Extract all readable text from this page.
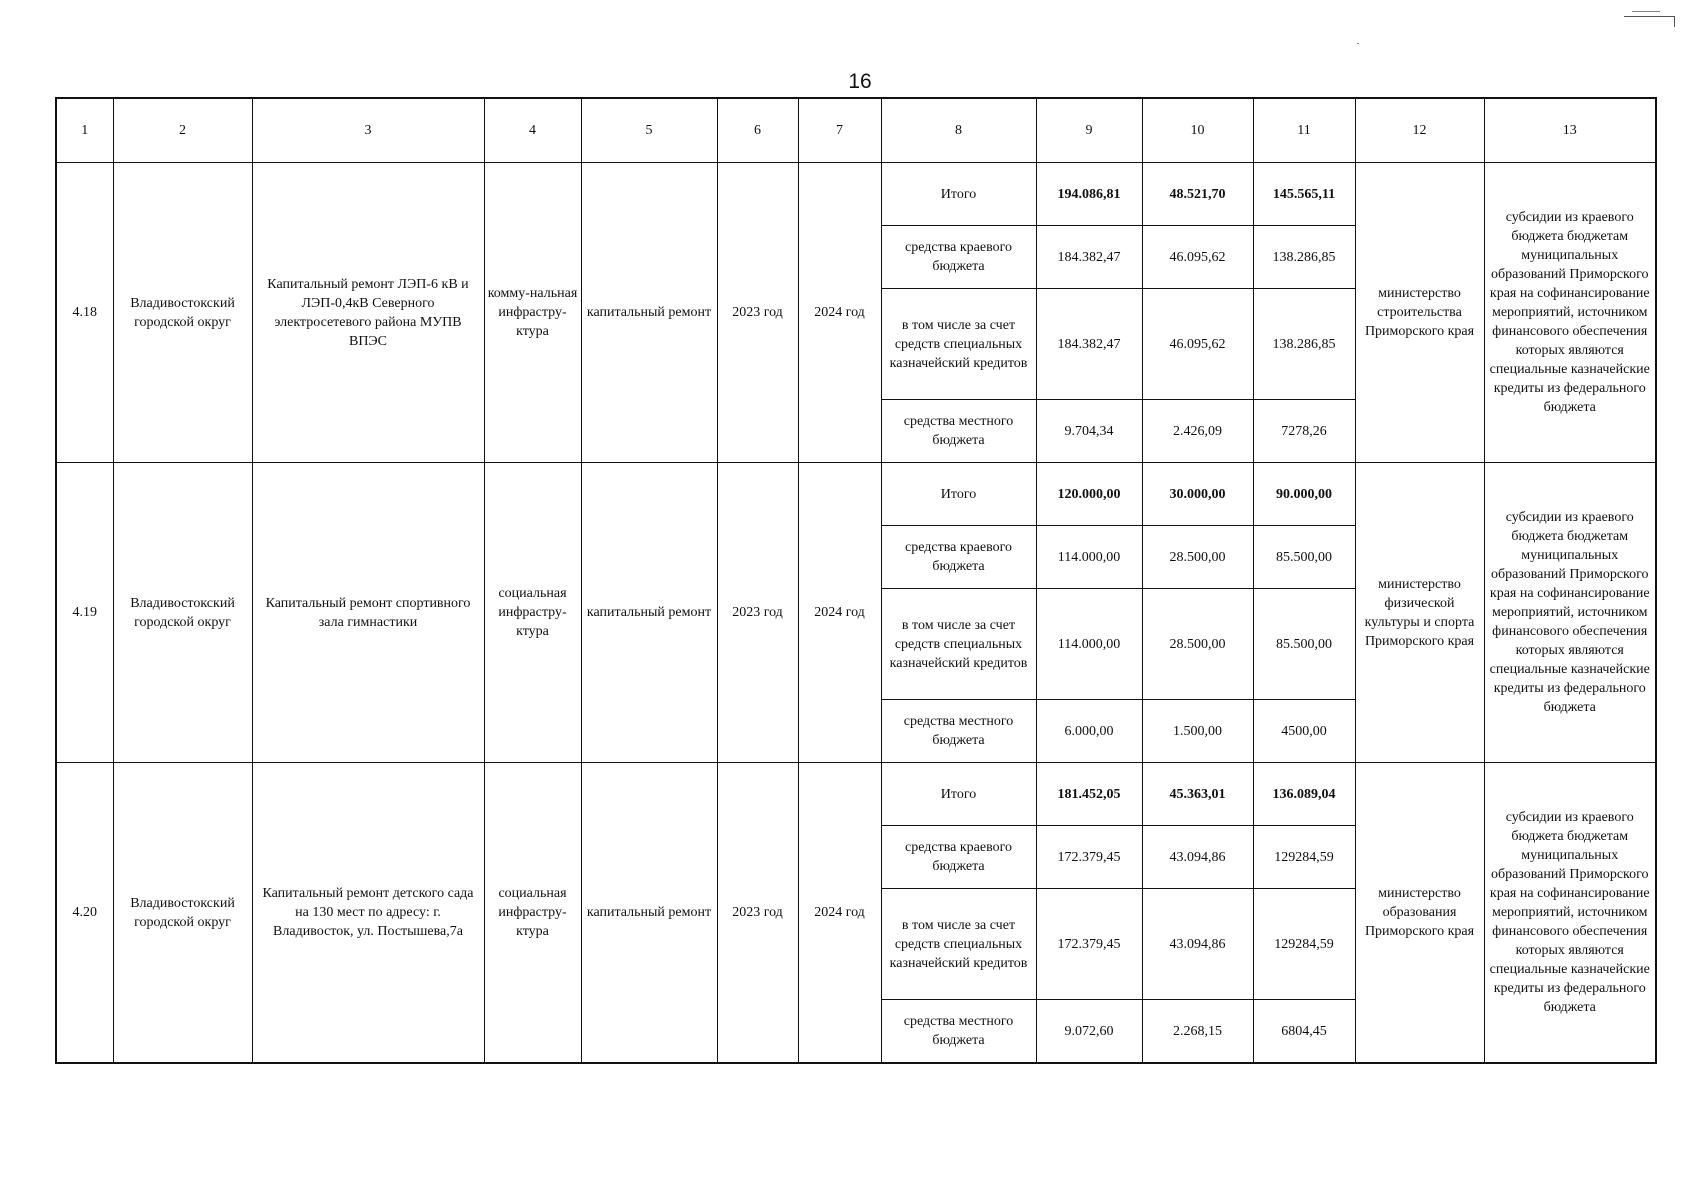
16
1	2	3	4	5	6	7	8	9	10	11	12	13
4.18	Владивостокский городской округ	Капитальный ремонт ЛЭП-6 кВ и ЛЭП-0,4кВ Северного электросетевого района МУПВ ВПЭС	комму-нальная инфрастру-ктура	капитальный ремонт	2023 год	2024 год	Итого	194.086,81	48.521,70	145.565,11	министерство строительства Приморского края	субсидии из краевого бюджета бюджетам муниципальных образований Приморского края на софинансирование мероприятий, источником финансового обеспечения которых являются специальные казначейские кредиты из федерального бюджета
							средства краевого бюджета	184.382,47	46.095,62	138.286,85		
							в том числе за счет средств специальных казначейский кредитов	184.382,47	46.095,62	138.286,85		
							средства местного бюджета	9.704,34	2.426,09	7278,26		
4.19	Владивостокский городской округ	Капитальный ремонт спортивного зала гимнастики	социальная инфрастру-ктура	капитальный ремонт	2023 год	2024 год	Итого	120.000,00	30.000,00	90.000,00	министерство физической культуры и спорта Приморского края	субсидии из краевого бюджета бюджетам муниципальных образований Приморского края на софинансирование мероприятий, источником финансового обеспечения которых являются специальные казначейские кредиты из федерального бюджета
							средства краевого бюджета	114.000,00	28.500,00	85.500,00		
							в том числе за счет средств специальных казначейский кредитов	114.000,00	28.500,00	85.500,00		
							средства местного бюджета	6.000,00	1.500,00	4500,00		
4.20	Владивостокский городской округ	Капитальный ремонт детского сада на 130 мест по адресу: г. Владивосток, ул. Постышева,7а	социальная инфрастру-ктура	капитальный ремонт	2023 год	2024 год	Итого	181.452,05	45.363,01	136.089,04	министерство образования Приморского края	субсидии из краевого бюджета бюджетам муниципальных образований Приморского края на софинансирование мероприятий, источником финансового обеспечения которых являются специальные казначейские кредиты из федерального бюджета
							средства краевого бюджета	172.379,45	43.094,86	129284,59		
							в том числе за счет средств специальных казначейский кредитов	172.379,45	43.094,86	129284,59		
							средства местного бюджета	9.072,60	2.268,15	6804,45		
